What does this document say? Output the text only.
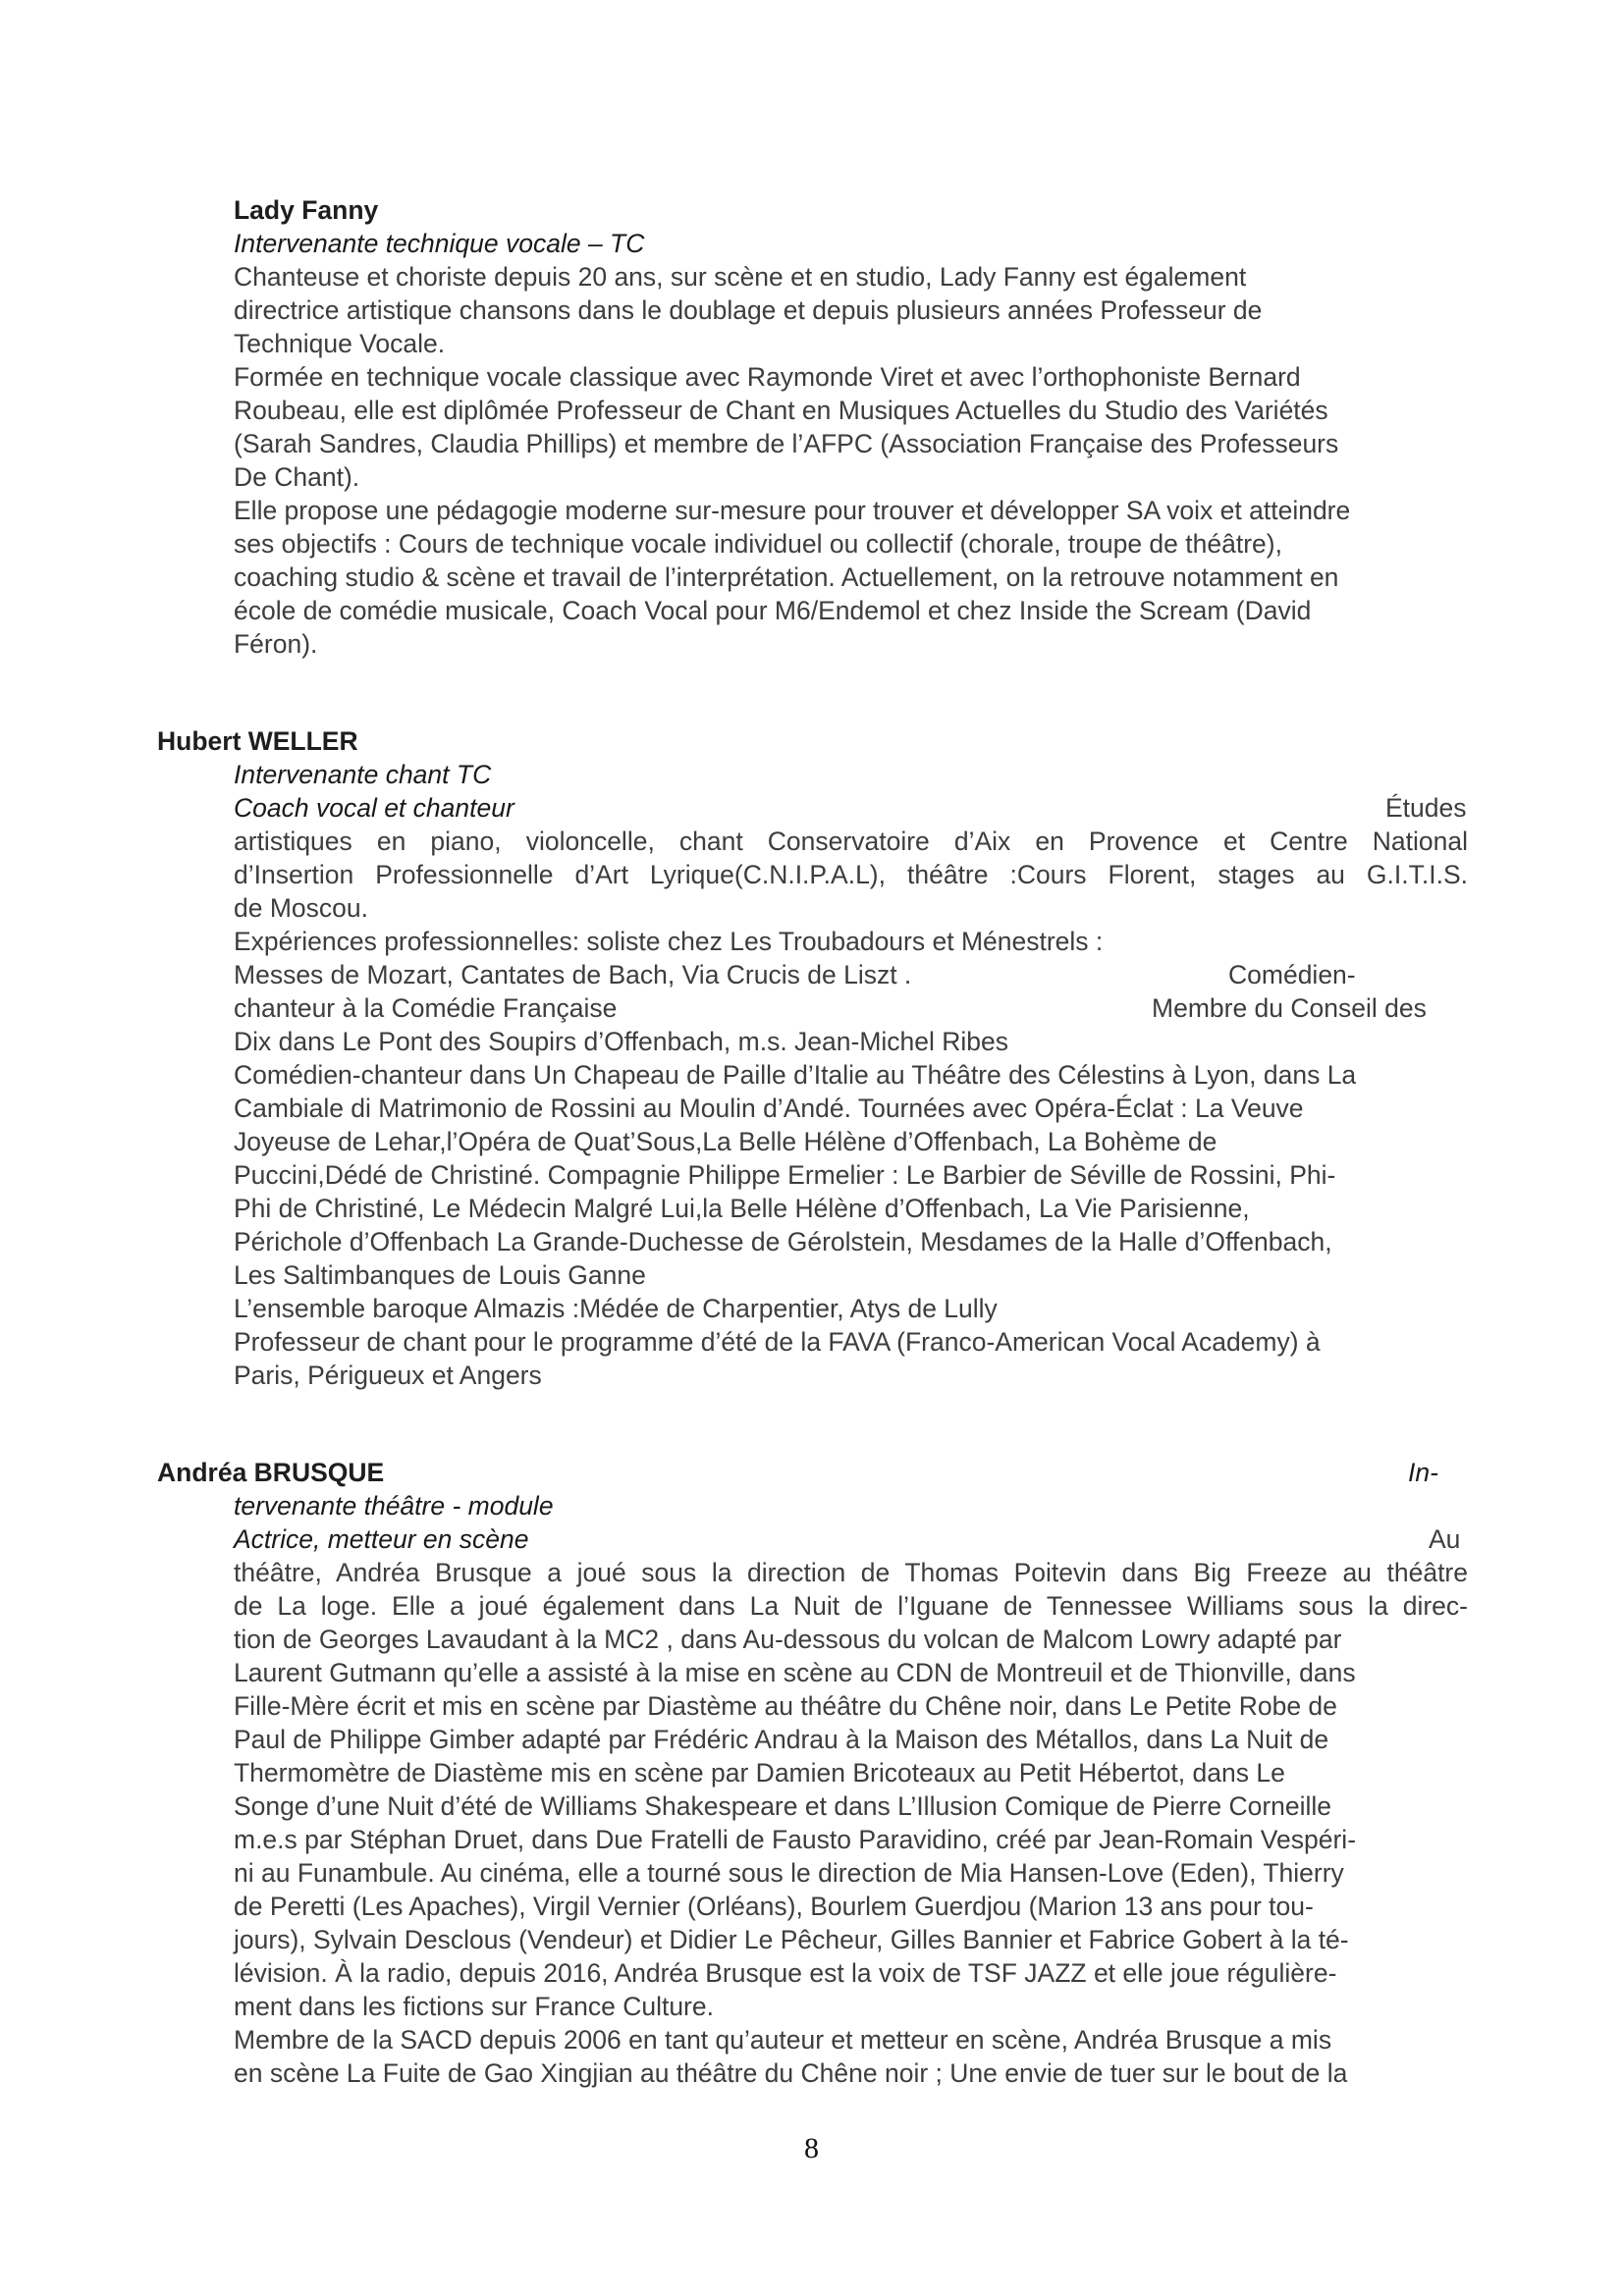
Lady Fanny
Intervenante technique vocale – TC
Chanteuse et choriste depuis 20 ans, sur scène et en studio, Lady Fanny est également
directrice artistique chansons dans le doublage et depuis plusieurs années Professeur de
Technique Vocale.
Formée en technique vocale classique avec Raymonde Viret et avec l’orthophoniste Bernard
Roubeau, elle est diplômée Professeur de Chant en Musiques Actuelles du Studio des Variétés
(Sarah Sandres, Claudia Phillips) et membre de l’AFPC (Association Française des Professeurs
De Chant).
Elle propose une pédagogie moderne sur-mesure pour trouver et développer SA voix et atteindre
ses objectifs : Cours de technique vocale individuel ou collectif (chorale, troupe de théâtre),
coaching studio & scène et travail de l’interprétation. Actuellement, on la retrouve notamment en
école de comédie musicale, Coach Vocal pour M6/Endemol et chez Inside the Scream (David
Féron).
Hubert WELLER
Intervenante chant TC
Coach vocal et chanteur	Études
artistiques en piano, violoncelle, chant Conservatoire d’Aix en Provence et Centre National
d’Insertion Professionnelle d’Art Lyrique(C.N.I.P.A.L), théâtre :Cours Florent, stages au G.I.T.I.S.
de Moscou.
Expériences professionnelles: soliste chez Les Troubadours et Ménestrels :
Messes de Mozart, Cantates de Bach, Via Crucis de Liszt .	Comédien-
chanteur à la Comédie Française	Membre du Conseil des
Dix dans Le Pont des Soupirs d’Offenbach, m.s. Jean-Michel Ribes
Comédien-chanteur dans Un Chapeau de Paille d’Italie au Théâtre des Célestins à Lyon, dans La
Cambiale di Matrimonio de Rossini au Moulin d’Andé. Tournées avec Opéra-Éclat : La Veuve
Joyeuse de Lehar,l’Opéra de Quat’Sous,La Belle Hélène d’Offenbach, La Bohème de
Puccini,Dédé de Christiné. Compagnie Philippe Ermelier : Le Barbier de Séville de Rossini, Phi-
Phi de Christiné, Le Médecin Malgré Lui,la Belle Hélène d’Offenbach, La Vie Parisienne,
Périchole d’Offenbach La Grande-Duchesse de Gérolstein, Mesdames de la Halle d’Offenbach,
Les Saltimbanques de Louis Ganne
L’ensemble baroque Almazis :Médée de Charpentier, Atys de Lully
Professeur de chant pour le programme d’été de la FAVA (Franco-American Vocal Academy) à
Paris, Périgueux et Angers
Andréa BRUSQUE	In-
tervenante théâtre - module
Actrice, metteur en scène	Au
théâtre, Andréa Brusque a joué sous la direction de Thomas Poitevin dans Big Freeze au théâtre
de La loge. Elle a joué également dans La Nuit de l’Iguane de Tennessee Williams sous la direc-
tion de Georges Lavaudant à la MC2 , dans Au-dessous du volcan de Malcom Lowry adapté par
Laurent Gutmann qu’elle a assisté à la mise en scène au CDN de Montreuil et de Thionville, dans
Fille-Mère écrit et mis en scène par Diastème au théâtre du Chêne noir, dans Le Petite Robe de
Paul de Philippe Gimber adapté par Frédéric Andrau à la Maison des Métallos, dans La Nuit de
Thermomètre de Diastème mis en scène par Damien Bricoteaux au Petit Hébertot, dans Le
Songe d’une Nuit d’été de Williams Shakespeare et dans L’Illusion Comique de Pierre Corneille
m.e.s par Stéphan Druet, dans Due Fratelli de Fausto Paravidino, créé par Jean-Romain Vespéri-
ni au Funambule. Au cinéma, elle a tourné sous le direction de Mia Hansen-Love (Eden), Thierry
de Peretti (Les Apaches), Virgil Vernier (Orléans), Bourlem Guerdjou (Marion 13 ans pour tou-
jours), Sylvain Desclous (Vendeur) et Didier Le Pêcheur, Gilles Bannier et Fabrice Gobert à la té-
lévision. À la radio, depuis 2016, Andréa Brusque est la voix de TSF JAZZ et elle joue régulière-
ment dans les fictions sur France Culture.
Membre de la SACD depuis 2006 en tant qu’auteur et metteur en scène, Andréa Brusque a mis
en scène La Fuite de Gao Xingjian au théâtre du Chêne noir ; Une envie de tuer sur le bout de la
8
